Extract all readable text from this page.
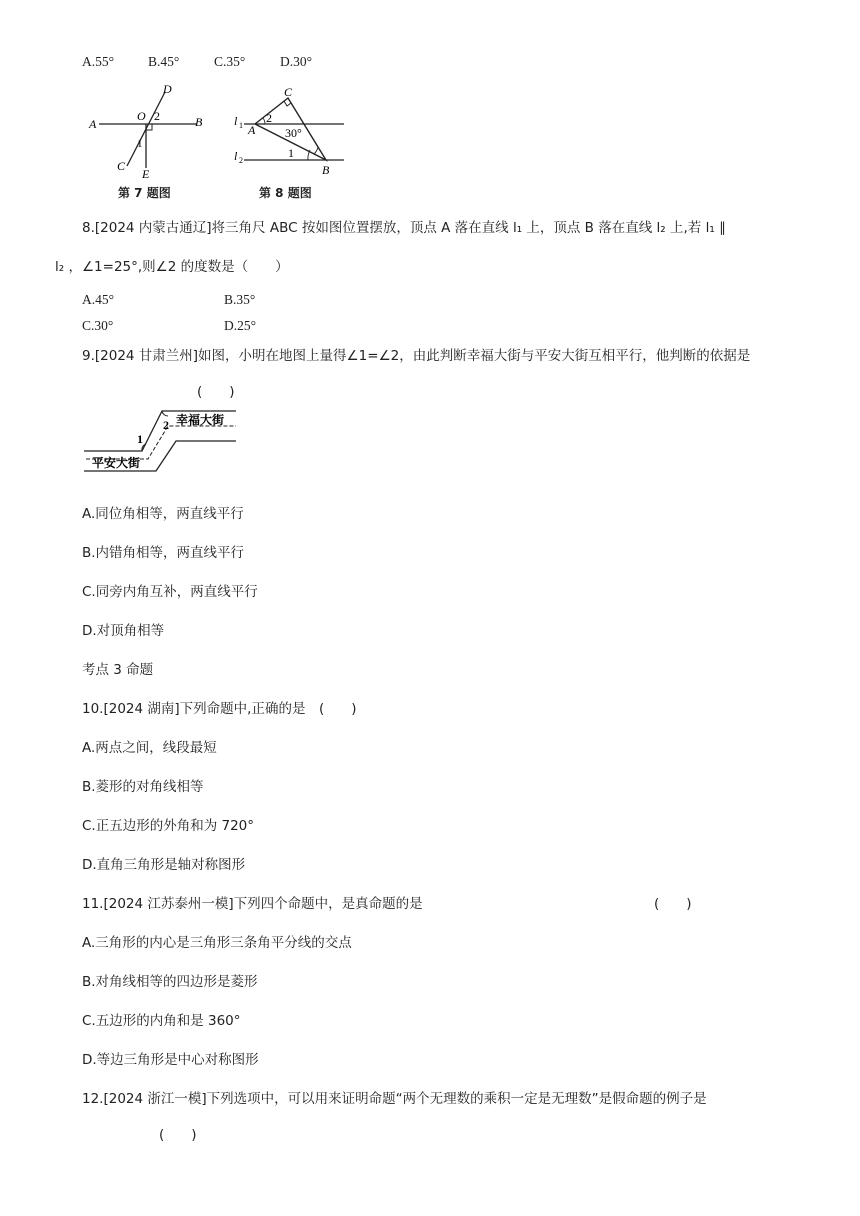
A.55°	B.45°	C.35°	D.30°
A	B
D
O 2
1
C
E
第 7 题图
C
A
B
l 1
l 2
2
30°
1
第 8 题图
8.[2024 内蒙古通辽]将三角尺 ABC 按如图位置摆放，顶点 A 落在直线 l₁ 上，顶点 B 落在直线 l₂ 上,若 l₁ ∥
l₂ ，∠1=25°,则∠2 的度数是（　　）
A.45°	B.35°
C.30°	D.25°
9.[2024 甘肃兰州]如图，小明在地图上量得∠1=∠2，由此判断幸福大街与平安大街互相平行，他判断的依据是
(　　)
幸福大街
平安大街
1
2
A.同位角相等，两直线平行
B.内错角相等，两直线平行
C.同旁内角互补，两直线平行
D.对顶角相等
考点 3 命题
10.[2024 湖南]下列命题中,正确的是　(　　)
A.两点之间，线段最短
B.菱形的对角线相等
C.正五边形的外角和为 720°
D.直角三角形是轴对称图形
11.[2024 江苏泰州一模]下列四个命题中，是真命题的是	(　　)
A.三角形的内心是三角形三条角平分线的交点
B.对角线相等的四边形是菱形
C.五边形的内角和是 360°
D.等边三角形是中心对称图形
12.[2024 浙江一模]下列选项中，可以用来证明命题“两个无理数的乘积一定是无理数”是假命题的例子是
(　　)
